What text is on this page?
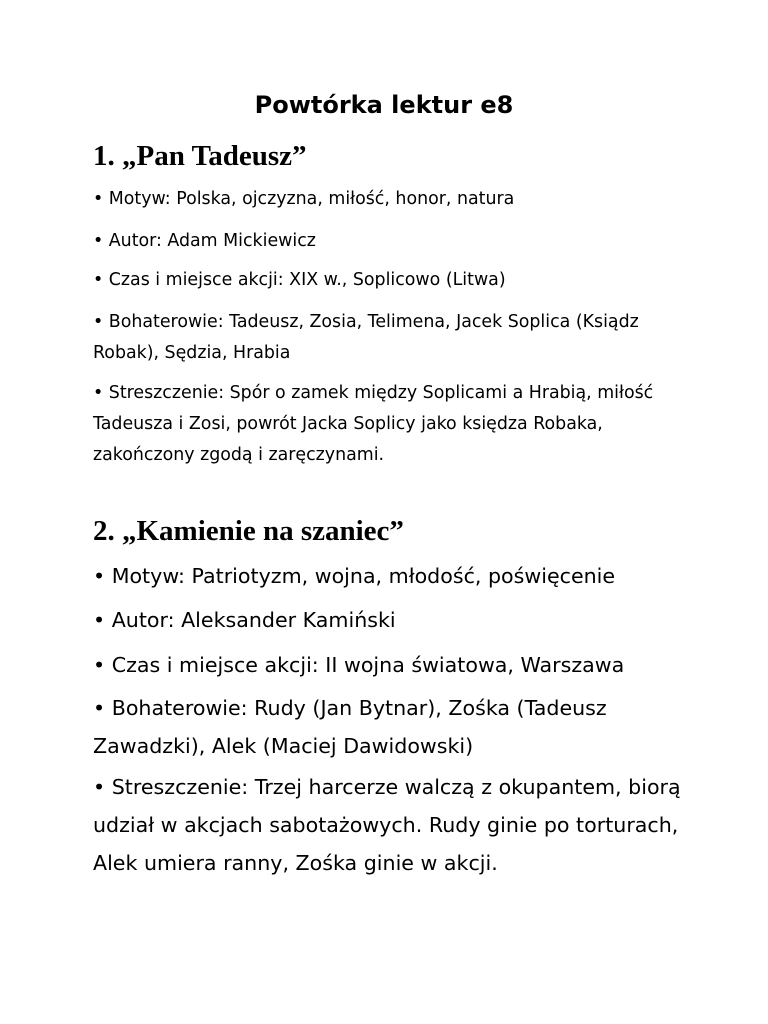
Powtórka lektur e8
1. „Pan Tadeusz”

• Motyw: Polska, ojczyzna, miłość, honor, natura

• Autor: Adam Mickiewicz

• Czas i miejsce akcji: XIX w., Soplicowo (Litwa)

• Bohaterowie: Tadeusz, Zosia, Telimena, Jacek Soplica (Ksiądz Robak), Sędzia, Hrabia

• Streszczenie: Spór o zamek między Soplicami a Hrabią, miłość Tadeusza i Zosi, powrót Jacka Soplicy jako księdza Robaka, zakończony zgodą i zaręczynami.

2. „Kamienie na szaniec”

• Motyw: Patriotyzm, wojna, młodość, poświęcenie

• Autor: Aleksander Kamiński

• Czas i miejsce akcji: II wojna światowa, Warszawa

• Bohaterowie: Rudy (Jan Bytnar), Zośka (Tadeusz Zawadzki), Alek (Maciej Dawidowski)

• Streszczenie: Trzej harcerze walczą z okupantem, biorą udział w akcjach sabotażowych. Rudy ginie po torturach, Alek umiera ranny, Zośka ginie w akcji.
